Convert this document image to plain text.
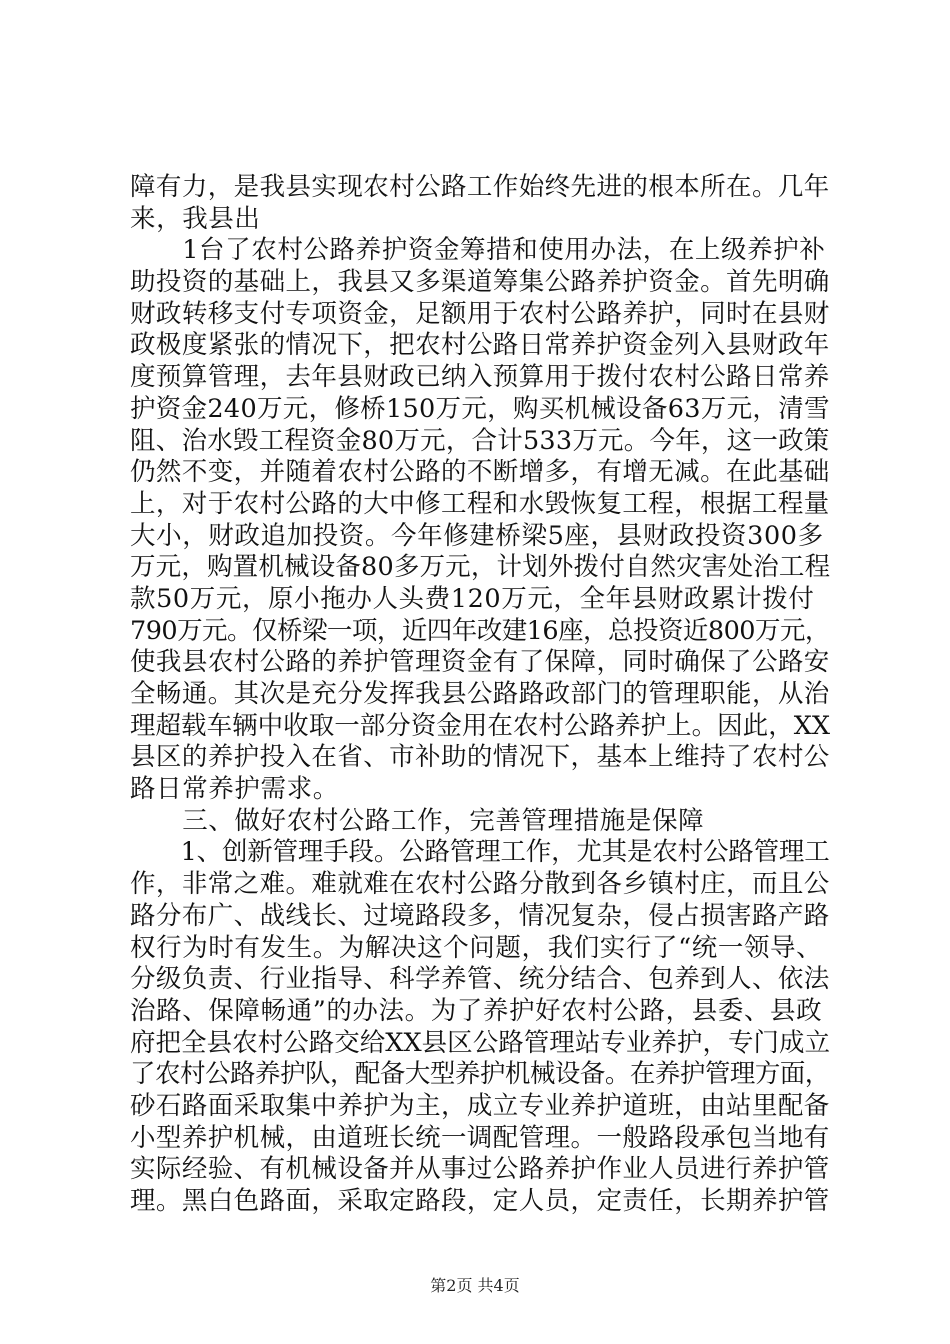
障有力，是我县实现农村公路工作始终先进的根本所在。几年
来，我县出
　　1台了农村公路养护资金筹措和使用办法，在上级养护补
助投资的基础上，我县又多渠道筹集公路养护资金。首先明确
财政转移支付专项资金，足额用于农村公路养护，同时在县财
政极度紧张的情况下，把农村公路日常养护资金列入县财政年
度预算管理，去年县财政已纳入预算用于拨付农村公路日常养
护资金240万元，修桥150万元，购买机械设备63万元，清雪
阻、治水毁工程资金80万元，合计533万元。今年，这一政策
仍然不变，并随着农村公路的不断增多，有增无减。在此基础
上，对于农村公路的大中修工程和水毁恢复工程，根据工程量
大小，财政追加投资。今年修建桥梁5座，县财政投资300多
万元，购置机械设备80多万元，计划外拨付自然灾害处治工程
款50万元，原小拖办人头费120万元，全年县财政累计拨付
790万元。仅桥梁一项，近四年改建16座，总投资近800万元，
使我县农村公路的养护管理资金有了保障，同时确保了公路安
全畅通。其次是充分发挥我县公路路政部门的管理职能，从治
理超载车辆中收取一部分资金用在农村公路养护上。因此，XX
县区的养护投入在省、市补助的情况下，基本上维持了农村公
路日常养护需求。
　　三、做好农村公路工作，完善管理措施是保障
　　1、创新管理手段。公路管理工作，尤其是农村公路管理工
作，非常之难。难就难在农村公路分散到各乡镇村庄，而且公
路分布广、战线长、过境路段多，情况复杂，侵占损害路产路
权行为时有发生。为解决这个问题，我们实行了“统一领导、
分级负责、行业指导、科学养管、统分结合、包养到人、依法
治路、保障畅通”的办法。为了养护好农村公路，县委、县政
府把全县农村公路交给XX县区公路管理站专业养护，专门成立
了农村公路养护队，配备大型养护机械设备。在养护管理方面，
砂石路面采取集中养护为主，成立专业养护道班，由站里配备
小型养护机械，由道班长统一调配管理。一般路段承包当地有
实际经验、有机械设备并从事过公路养护作业人员进行养护管
理。黑白色路面，采取定路段，定人员，定责任，长期养护管
第2页 共4页
